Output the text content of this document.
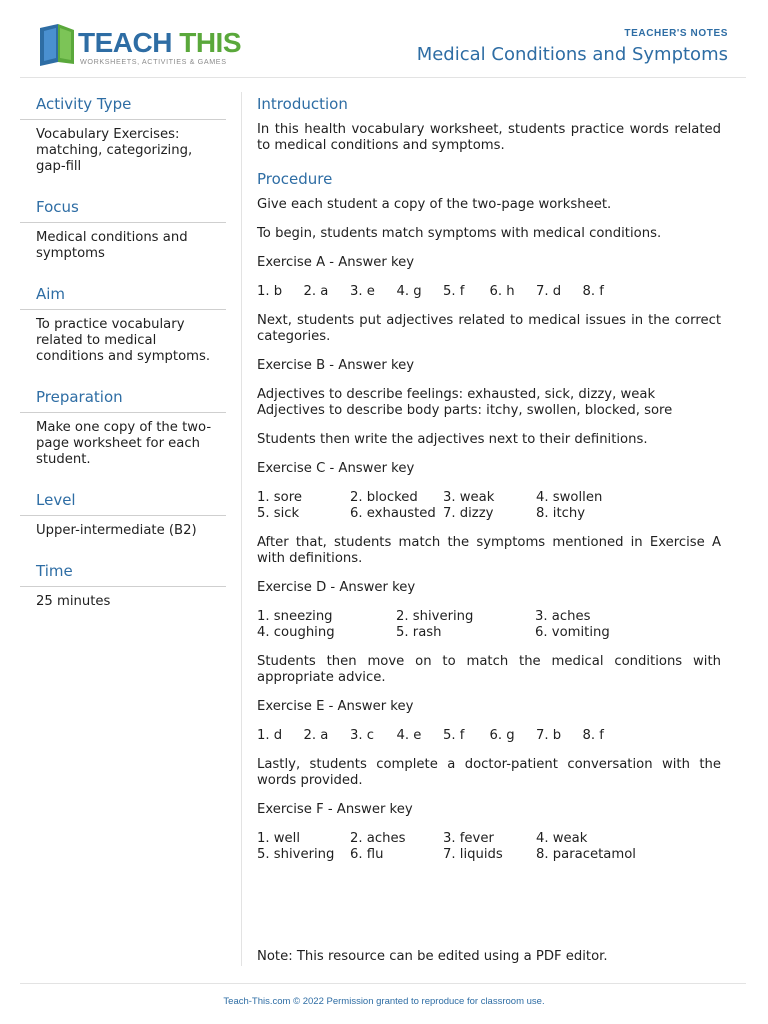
TEACH THIS
WORKSHEETS, ACTIVITIES & GAMES
TEACHER'S NOTES
Medical Conditions and Symptoms
Activity Type
Vocabulary Exercises: matching, categorizing, gap-fill
Focus
Medical conditions and symptoms
Aim
To practice vocabulary related to medical conditions and symptoms.
Preparation
Make one copy of the two-page worksheet for each student.
Level
Upper-intermediate (B2)
Time
25 minutes
Introduction

In this health vocabulary worksheet, students practice words related to medical conditions and symptoms.

Procedure

Give each student a copy of the two-page worksheet.

To begin, students match symptoms with medical conditions.

Exercise A - Answer key

1. b	2. a	3. e	4. g	5. f	6. h	7. d	8. f

Next, students put adjectives related to medical issues in the correct categories.

Exercise B - Answer key

Adjectives to describe feelings: exhausted, sick, dizzy, weak
Adjectives to describe body parts: itchy, swollen, blocked, sore

Students then write the adjectives next to their definitions.

Exercise C - Answer key

1. sore	2. blocked	3. weak	4. swollen
5. sick	6. exhausted 7. dizzy	8. itchy

After that, students match the symptoms mentioned in Exercise A with definitions.

Exercise D - Answer key

1. sneezing	2. shivering	3. aches
4. coughing	5. rash	6. vomiting

Students then move on to match the medical conditions with appropriate advice.

Exercise E - Answer key

1. d	2. a	3. c	4. e	5. f	6. g	7. b	8. f

Lastly, students complete a doctor-patient conversation with the words provided.

Exercise F - Answer key

1. well	2. aches	3. fever	4. weak
5. shivering	6. flu	7. liquids	8. paracetamol
Note: This resource can be edited using a PDF editor.
Teach-This.com © 2022 Permission granted to reproduce for classroom use.
